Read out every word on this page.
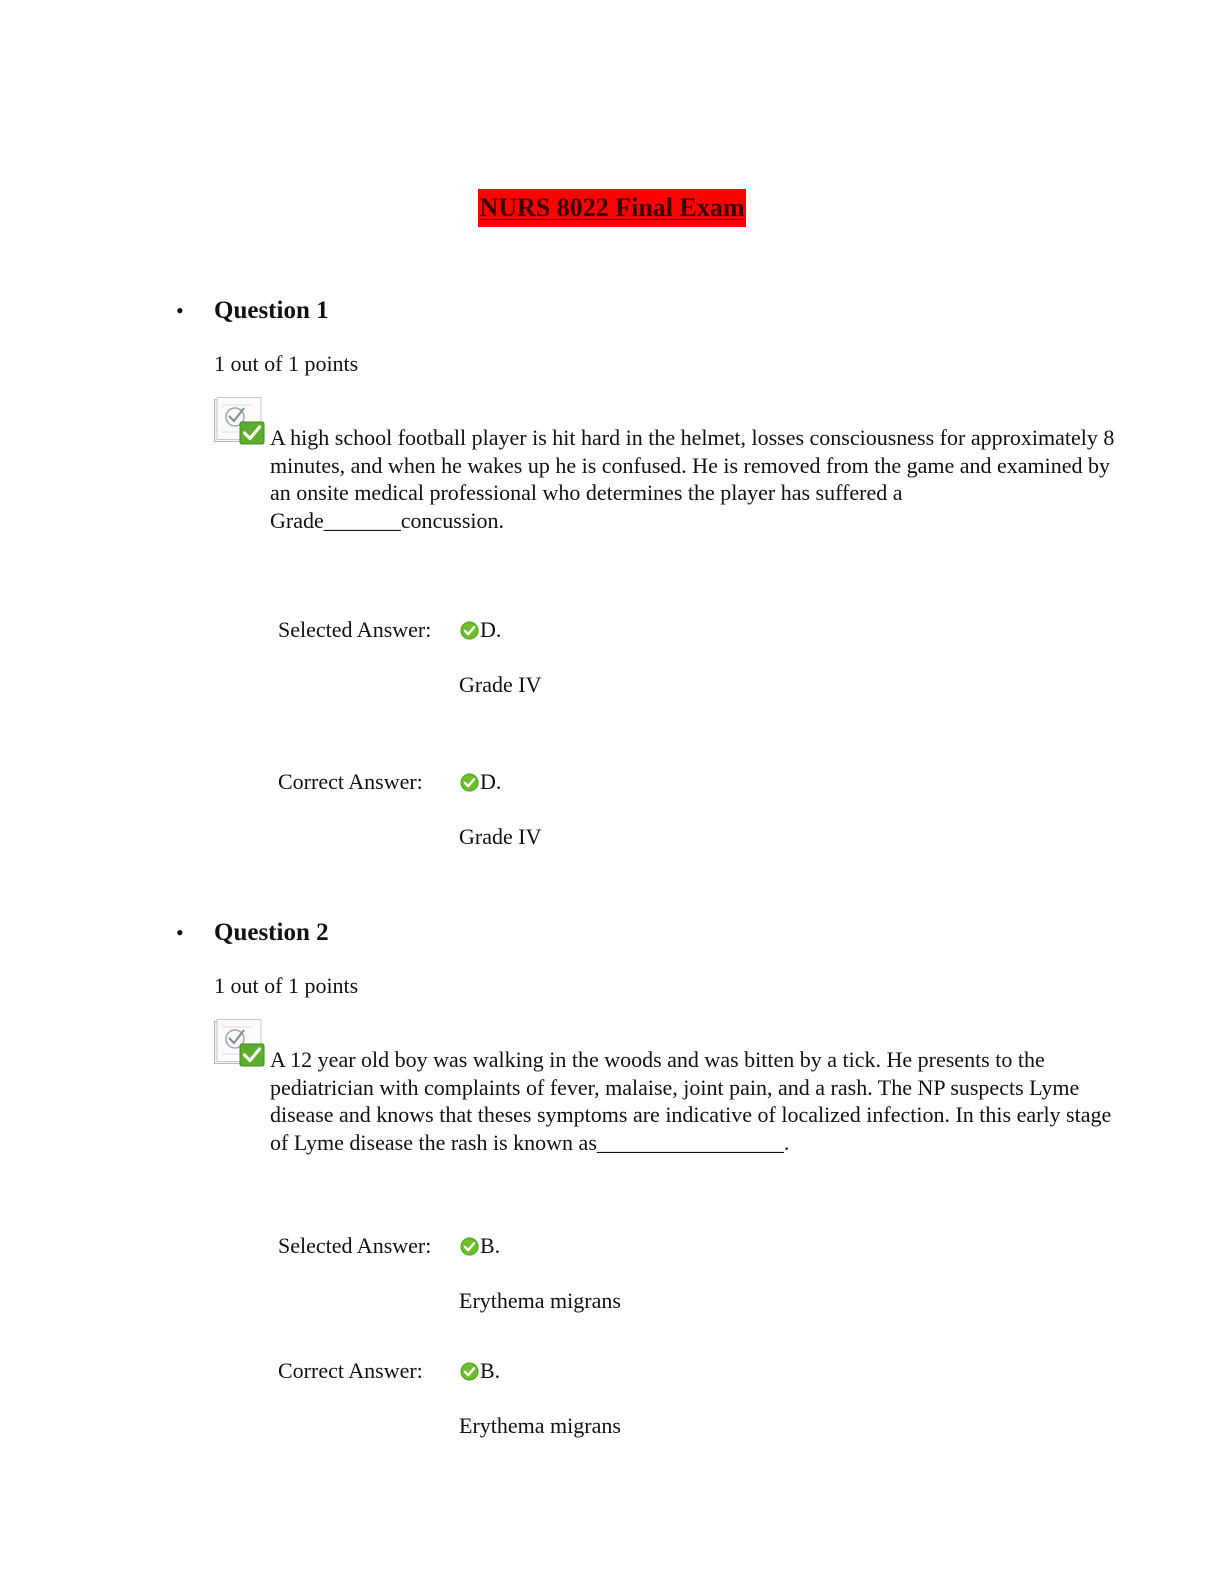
NURS 8022 Final Exam
• Question 1
1 out of 1 points
A high school football player is hit hard in the helmet, losses consciousness for approximately 8 minutes, and when he wakes up he is confused. He is removed from the game and examined by an onsite medical professional who determines the player has suffered a Grade_______concussion.
Selected Answer: D.
Grade IV
Correct Answer:	D.
Grade IV
• Question 2
1 out of 1 points
A 12 year old boy was walking in the woods and was bitten by a tick. He presents to the pediatrician with complaints of fever, malaise, joint pain, and a rash. The NP suspects Lyme disease and knows that theses symptoms are indicative of localized infection. In this early stage of Lyme disease the rash is known as_________________.
Selected Answer: B.
Erythema migrans
Correct Answer:	B.
Erythema migrans
